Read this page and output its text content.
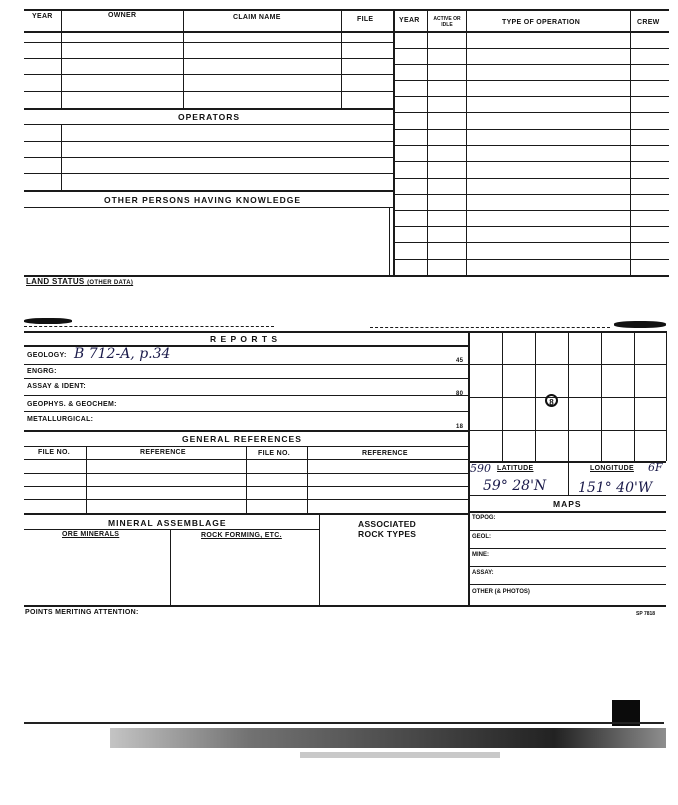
YEAR	OWNER	CLAIM NAME	FILE	YEAR	ACTIVE OR IDLE	TYPE OF OPERATION	CREW
OPERATORS
OTHER PERSONS HAVING KNOWLEDGE
LAND STATUS (OTHER DATA)
R E P O R T S
GEOLOGY: B 712-A, p.34	45
ENGRG:
ASSAY & IDENT:
80
GEOPHYS. & GEOCHEM:
METALLURGICAL:
18
GENERAL REFERENCES
FILE NO.	REFERENCE	FILE NO.	REFERENCE
MINERAL ASSEMBLAGE
ORE MINERALS	ROCK FORMING, ETC.
ASSOCIATED
ROCK TYPES
8
590 LATITUDE	LONGITUDE 6F
59° 28'N 151° 40'W
MAPS
TOPOG:
GEOL:
MINE:
ASSAY:
OTHER (& PHOTOS)
POINTS MERITING ATTENTION:	SP 7818
